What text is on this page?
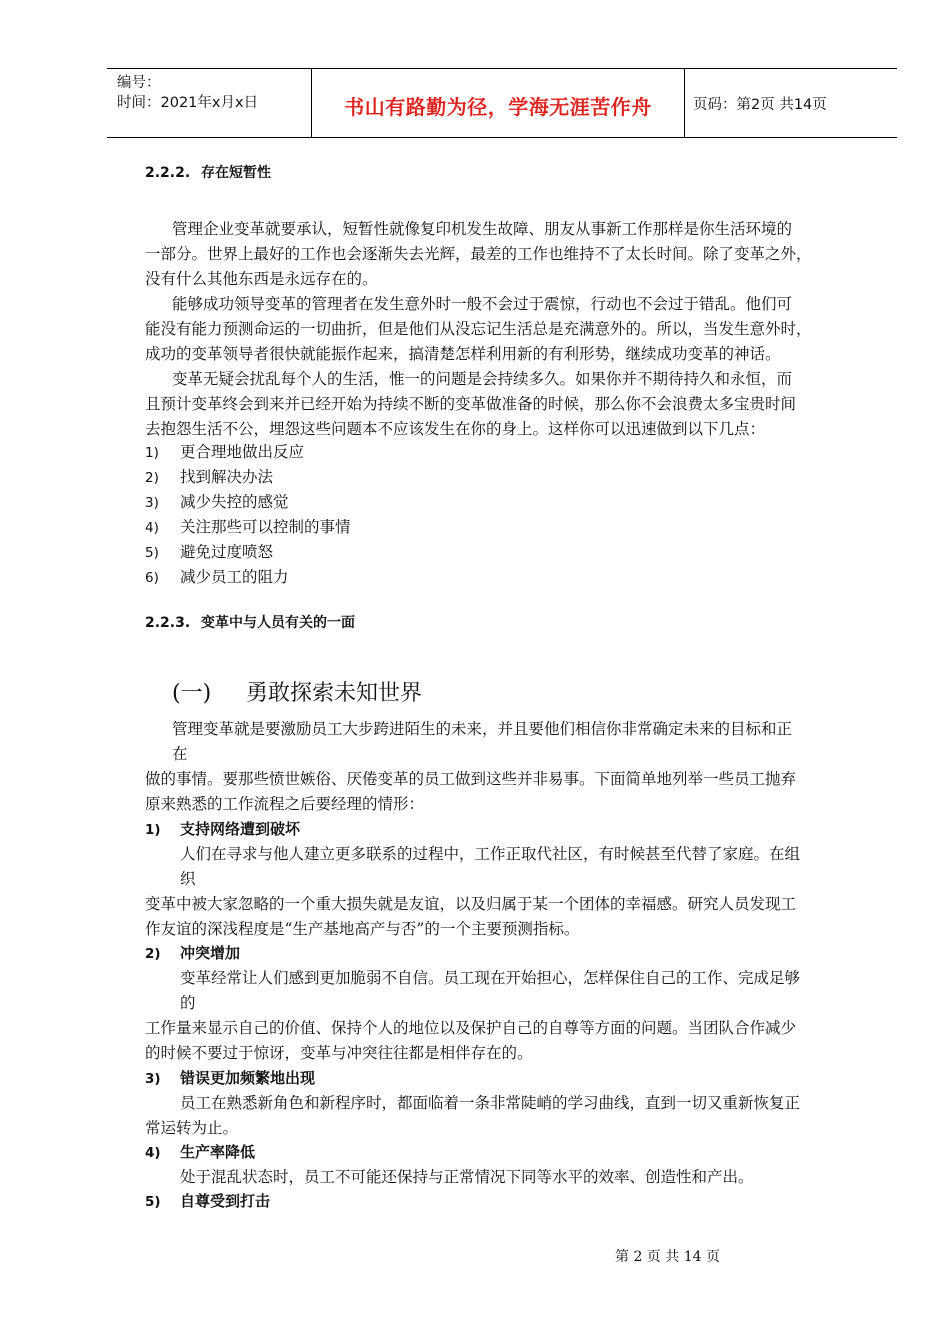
编号：
时间：2021年x月x日	书山有路勤为径，学海无涯苦作舟	页码：第2页 共14页
2.2.2. 存在短暂性
管理企业变革就要承认，短暂性就像复印机发生故障、朋友从事新工作那样是你生活环境的
一部分。世界上最好的工作也会逐渐失去光辉，最差的工作也维持不了太长时间。除了变革之外，
没有什么其他东西是永远存在的。
能够成功领导变革的管理者在发生意外时一般不会过于震惊，行动也不会过于错乱。他们可
能没有能力预测命运的一切曲折，但是他们从没忘记生活总是充满意外的。所以，当发生意外时，
成功的变革领导者很快就能振作起来，搞清楚怎样利用新的有利形势，继续成功变革的神话。
变革无疑会扰乱每个人的生活，惟一的问题是会持续多久。如果你并不期待持久和永恒，而
且预计变革终会到来并已经开始为持续不断的变革做准备的时候，那么你不会浪费太多宝贵时间
去抱怨生活不公，埋怨这些问题本不应该发生在你的身上。这样你可以迅速做到以下几点：
1) 更合理地做出反应
2) 找到解决办法
3) 减少失控的感觉
4) 关注那些可以控制的事情
5) 避免过度喷怒
6) 减少员工的阻力
2.2.3. 变革中与人员有关的一面
(一) 勇敢探索未知世界
管理变革就是要激励员工大步跨进陌生的未来，并且要他们相信你非常确定未来的目标和正
在
做的事情。要那些愤世嫉俗、厌倦变革的员工做到这些并非易事。下面简单地列举一些员工抛弃
原来熟悉的工作流程之后要经理的情形：
1) 支持网络遭到破坏
人们在寻求与他人建立更多联系的过程中，工作正取代社区，有时候甚至代替了家庭。在组
织
变革中被大家忽略的一个重大损失就是友谊，以及归属于某一个团体的幸福感。研究人员发现工
作友谊的深浅程度是“生产基地高产与否”的一个主要预测指标。
2) 冲突增加
变革经常让人们感到更加脆弱不自信。员工现在开始担心，怎样保住自己的工作、完成足够
的
工作量来显示自己的价值、保持个人的地位以及保护自己的自尊等方面的问题。当团队合作减少
的时候不要过于惊讶，变革与冲突往往都是相伴存在的。
3) 错误更加频繁地出现
员工在熟悉新角色和新程序时，都面临着一条非常陡峭的学习曲线，直到一切又重新恢复正
常运转为止。
4) 生产率降低
处于混乱状态时，员工不可能还保持与正常情况下同等水平的效率、创造性和产出。
5) 自尊受到打击
第 2 页 共 14 页
